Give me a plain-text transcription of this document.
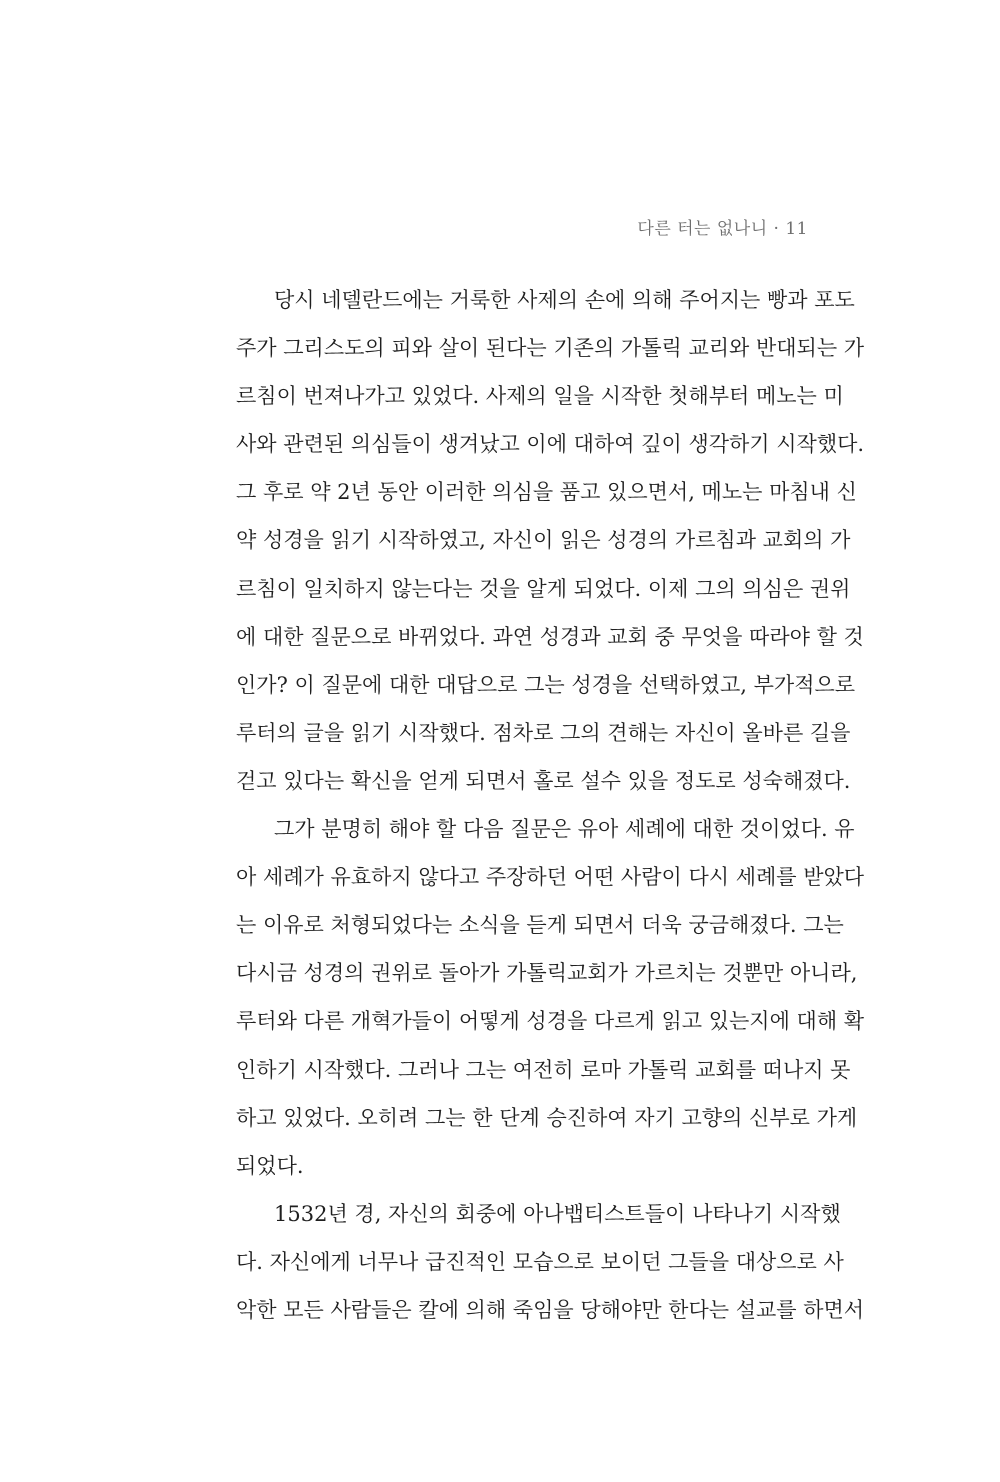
다른 터는 없나니 · 11
당시 네델란드에는 거룩한 사제의 손에 의해 주어지는 빵과 포도
주가 그리스도의 피와 살이 된다는 기존의 가톨릭 교리와 반대되는 가
르침이 번져나가고 있었다. 사제의 일을 시작한 첫해부터 메노는 미
사와 관련된 의심들이 생겨났고 이에 대하여 깊이 생각하기 시작했다.
그 후로 약 2년 동안 이러한 의심을 품고 있으면서, 메노는 마침내 신
약 성경을 읽기 시작하였고, 자신이 읽은 성경의 가르침과 교회의 가
르침이 일치하지 않는다는 것을 알게 되었다. 이제 그의 의심은 권위
에 대한 질문으로 바뀌었다. 과연 성경과 교회 중 무엇을 따라야 할 것
인가? 이 질문에 대한 대답으로 그는 성경을 선택하였고, 부가적으로
루터의 글을 읽기 시작했다. 점차로 그의 견해는 자신이 올바른 길을
걷고 있다는 확신을 얻게 되면서 홀로 설수 있을 정도로 성숙해졌다.
그가 분명히 해야 할 다음 질문은 유아 세례에 대한 것이었다. 유
아 세례가 유효하지 않다고 주장하던 어떤 사람이 다시 세례를 받았다
는 이유로 처형되었다는 소식을 듣게 되면서 더욱 궁금해졌다. 그는
다시금 성경의 권위로 돌아가 가톨릭교회가 가르치는 것뿐만 아니라,
루터와 다른 개혁가들이 어떻게 성경을 다르게 읽고 있는지에 대해 확
인하기 시작했다. 그러나 그는 여전히 로마 가톨릭 교회를 떠나지 못
하고 있었다. 오히려 그는 한 단계 승진하여 자기 고향의 신부로 가게
되었다.
1532년 경, 자신의 회중에 아나뱁티스트들이 나타나기 시작했
다. 자신에게 너무나 급진적인 모습으로 보이던 그들을 대상으로 사
악한 모든 사람들은 칼에 의해 죽임을 당해야만 한다는 설교를 하면서
